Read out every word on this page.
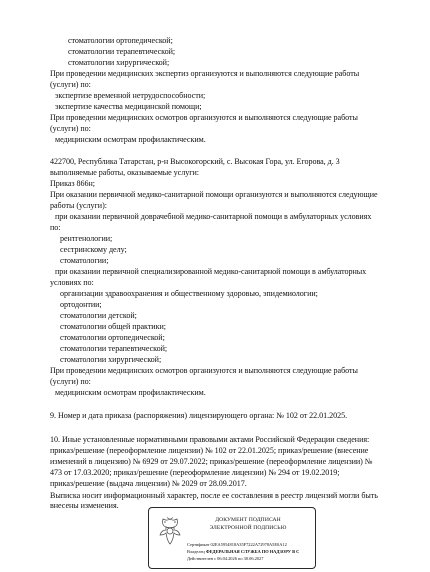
стоматологии ортопедической;
стоматологии терапевтической;
стоматологии хирургической;
При проведении медицинских экспертиз организуются и выполняются следующие работы
(услуги) по:
экспертизе временной нетрудоспособности;
экспертизе качества медицинской помощи;
При проведении медицинских осмотров организуются и выполняются следующие работы
(услуги) по:
медицинским осмотрам профилактическим.
422700, Республика Татарстан, р-н Высокогорский, с. Высокая Гора, ул. Егорова, д. 3
выполняемые работы, оказываемые услуги:
Приказ 866н;
При оказании первичной медико-санитарной помощи организуются и выполняются следующие
работы (услуги):
при оказании первичной доврачебной медико-санитарной помощи в амбулаторных условиях
по:
рентгенологии;
сестринскому делу;
стоматологии;
при оказании первичной специализированной медико-санитарной помощи в амбулаторных
условиях по:
организации здравоохранения и общественному здоровью, эпидемиологии;
ортодонтии;
стоматологии детской;
стоматологии общей практики;
стоматологии ортопедической;
стоматологии терапевтической;
стоматологии хирургической;
При проведении медицинских осмотров организуются и выполняются следующие работы
(услуги) по:
медицинским осмотрам профилактическим.
9. Номер и дата приказа (распоряжения) лицензирующего органа: № 102 от 22.01.2025.
10. Иные установленные нормативными правовыми актами Российской Федерации сведения:
приказ/решение (переоформление лицензии) № 102 от 22.01.2025; приказ/решение (внесение
изменений в лицензию) № 6929 от 29.07.2022; приказ/решение (переоформление лицензии) №
473 от 17.03.2020; приказ/решение (переоформление лицензии) № 294 от 19.02.2019;
приказ/решение (выдача лицензии) № 2029 от 28.09.2017.
Выписка носит информационный характер, после ее составления в реестр лицензий могли быть
внесены изменения.
ДОКУМЕНТ ПОДПИСАН
ЭЛЕКТРОННОЙ ПОДПИСЬЮ
Сертификат 02EA5954818A35F7222A72978A5E0A12
Владелец ФЕДЕРАЛЬНАЯ СЛУЖБА ПО НАДЗОРУ В С
Действителен с 06.04.2026 по 30.06.2027
